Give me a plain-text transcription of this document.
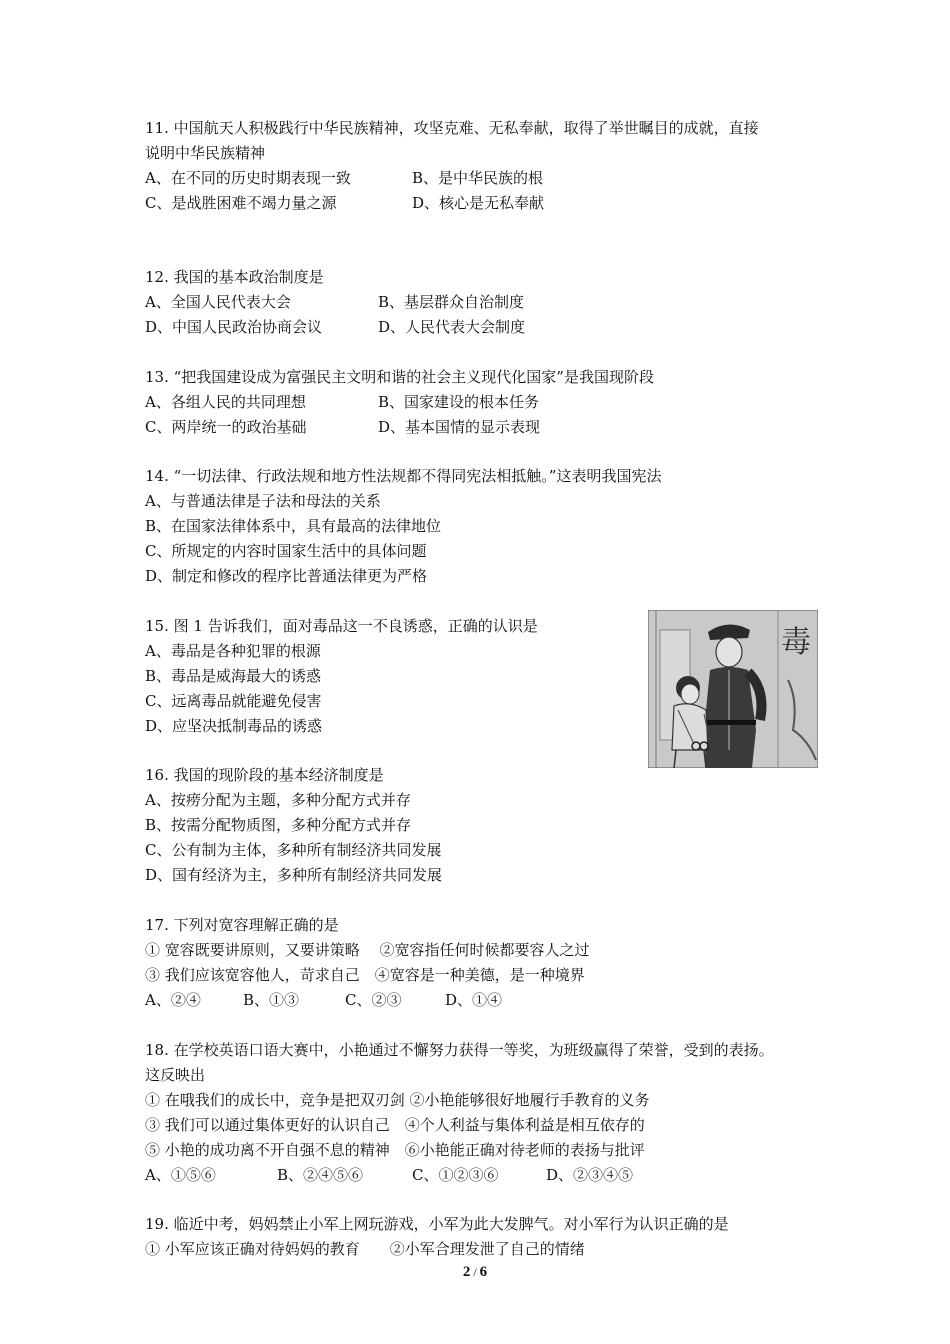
11. 中国航天人积极践行中华民族精神，攻坚克难、无私奉献，取得了举世瞩目的成就，直接
说明中华民族精神
A、在不同的历史时期表现一致	B、是中华民族的根
C、是战胜困难不竭力量之源	D、核心是无私奉献
12. 我国的基本政治制度是
A、全国人民代表大会	B、基层群众自治制度
D、中国人民政治协商会议	D、人民代表大会制度
13. “把我国建设成为富强民主文明和谐的社会主义现代化国家”是我国现阶段
A、各组人民的共同理想	B、国家建设的根本任务
C、两岸统一的政治基础	D、基本国情的显示表现
14. “一切法律、行政法规和地方性法规都不得同宪法相抵触。”这表明我国宪法
A、与普通法律是子法和母法的关系
B、在国家法律体系中，具有最高的法律地位
C、所规定的内容时国家生活中的具体问题
D、制定和修改的程序比普通法律更为严格
15. 图 1 告诉我们，面对毒品这一不良诱惑，正确的认识是
A、毒品是各种犯罪的根源
B、毒品是威海最大的诱惑
C、远离毒品就能避免侵害
D、应坚决抵制毒品的诱惑
毒
16. 我国的现阶段的基本经济制度是
A、按痨分配为主题，多种分配方式并存
B、按需分配物质图，多种分配方式并存
C、公有制为主体，多种所有制经济共同发展
D、国有经济为主，多种所有制经济共同发展
17. 下列对宽容理解正确的是
① 宽容既要讲原则，又要讲策略　 ②宽容指任何时候都要容人之过
③ 我们应该宽容他人，苛求自己　④宽容是一种美德，是一种境界
A、②④	B、①③	C、②③	D、①④
18. 在学校英语口语大赛中，小艳通过不懈努力获得一等奖，为班级赢得了荣誉，受到的表扬。
这反映出
① 在哦我们的成长中，竞争是把双刃剑 ②小艳能够很好地履行手教育的义务
③ 我们可以通过集体更好的认识自己　④个人利益与集体利益是相互依存的
⑤ 小艳的成功离不开自强不息的精神　⑥小艳能正确对待老师的表扬与批评
A、①⑤⑥	B、②④⑤⑥	C、①②③⑥	D、②③④⑤
19. 临近中考，妈妈禁止小军上网玩游戏，小军为此大发脾气。对小军行为认识正确的是
① 小军应该正确对待妈妈的教育　　②小军合理发泄了自己的情绪
2 / 6
